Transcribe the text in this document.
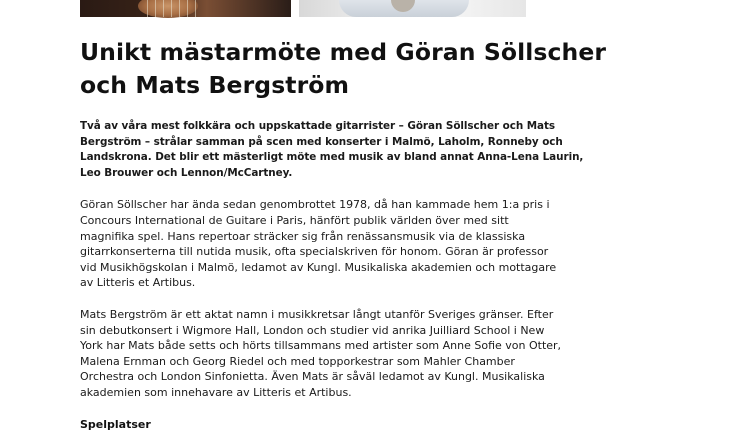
Unikt mästarmöte med Göran Söllscher
och Mats Bergström

Två av våra mest folkkära och uppskattade gitarrister – Göran Söllscher och Mats
Bergström – strålar samman på scen med konserter i Malmö, Laholm, Ronneby och
Landskrona. Det blir ett mästerligt möte med musik av bland annat Anna-Lena Laurin,
Leo Brouwer och Lennon/McCartney.

Göran Söllscher har ända sedan genombrottet 1978, då han kammade hem 1:a pris i
Concours International de Guitare i Paris, hänfört publik världen över med sitt
magnifika spel. Hans repertoar sträcker sig från renässansmusik via de klassiska
gitarrkonserterna till nutida musik, ofta specialskriven för honom. Göran är professor
vid Musikhögskolan i Malmö, ledamot av Kungl. Musikaliska akademien och mottagare
av Litteris et Artibus.

Mats Bergström är ett aktat namn i musikkretsar långt utanför Sveriges gränser. Efter
sin debutkonsert i Wigmore Hall, London och studier vid anrika Juilliard School i New
York har Mats både setts och hörts tillsammans med artister som Anne Sofie von Otter,
Malena Ernman och Georg Riedel och med topporkestrar som Mahler Chamber
Orchestra och London Sinfonietta. Även Mats är såväl ledamot av Kungl. Musikaliska
akademien som innehavare av Litteris et Artibus.

Spelplatser
